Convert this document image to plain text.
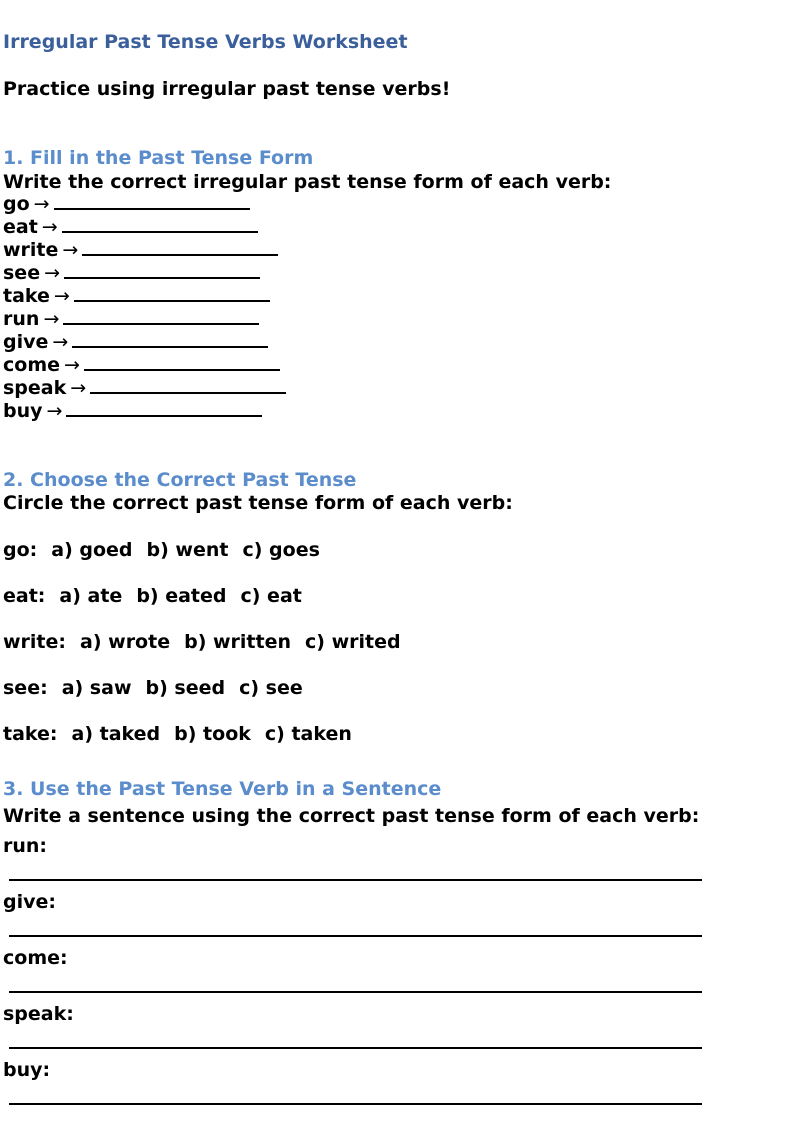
Irregular Past Tense Verbs Worksheet
Practice using irregular past tense verbs!
1. Fill in the Past Tense Form
Write the correct irregular past tense form of each verb:
go →
eat →
write →
see →
take →
run →
give →
come →
speak →
buy →
2. Choose the Correct Past Tense
Circle the correct past tense form of each verb:
go: a) goed b) went c) goes
eat: a) ate b) eated c) eat
write: a) wrote b) written c) writed
see: a) saw b) seed c) see
take: a) taked b) took c) taken
3. Use the Past Tense Verb in a Sentence
Write a sentence using the correct past tense form of each verb:
run:
give:
come:
speak:
buy:
